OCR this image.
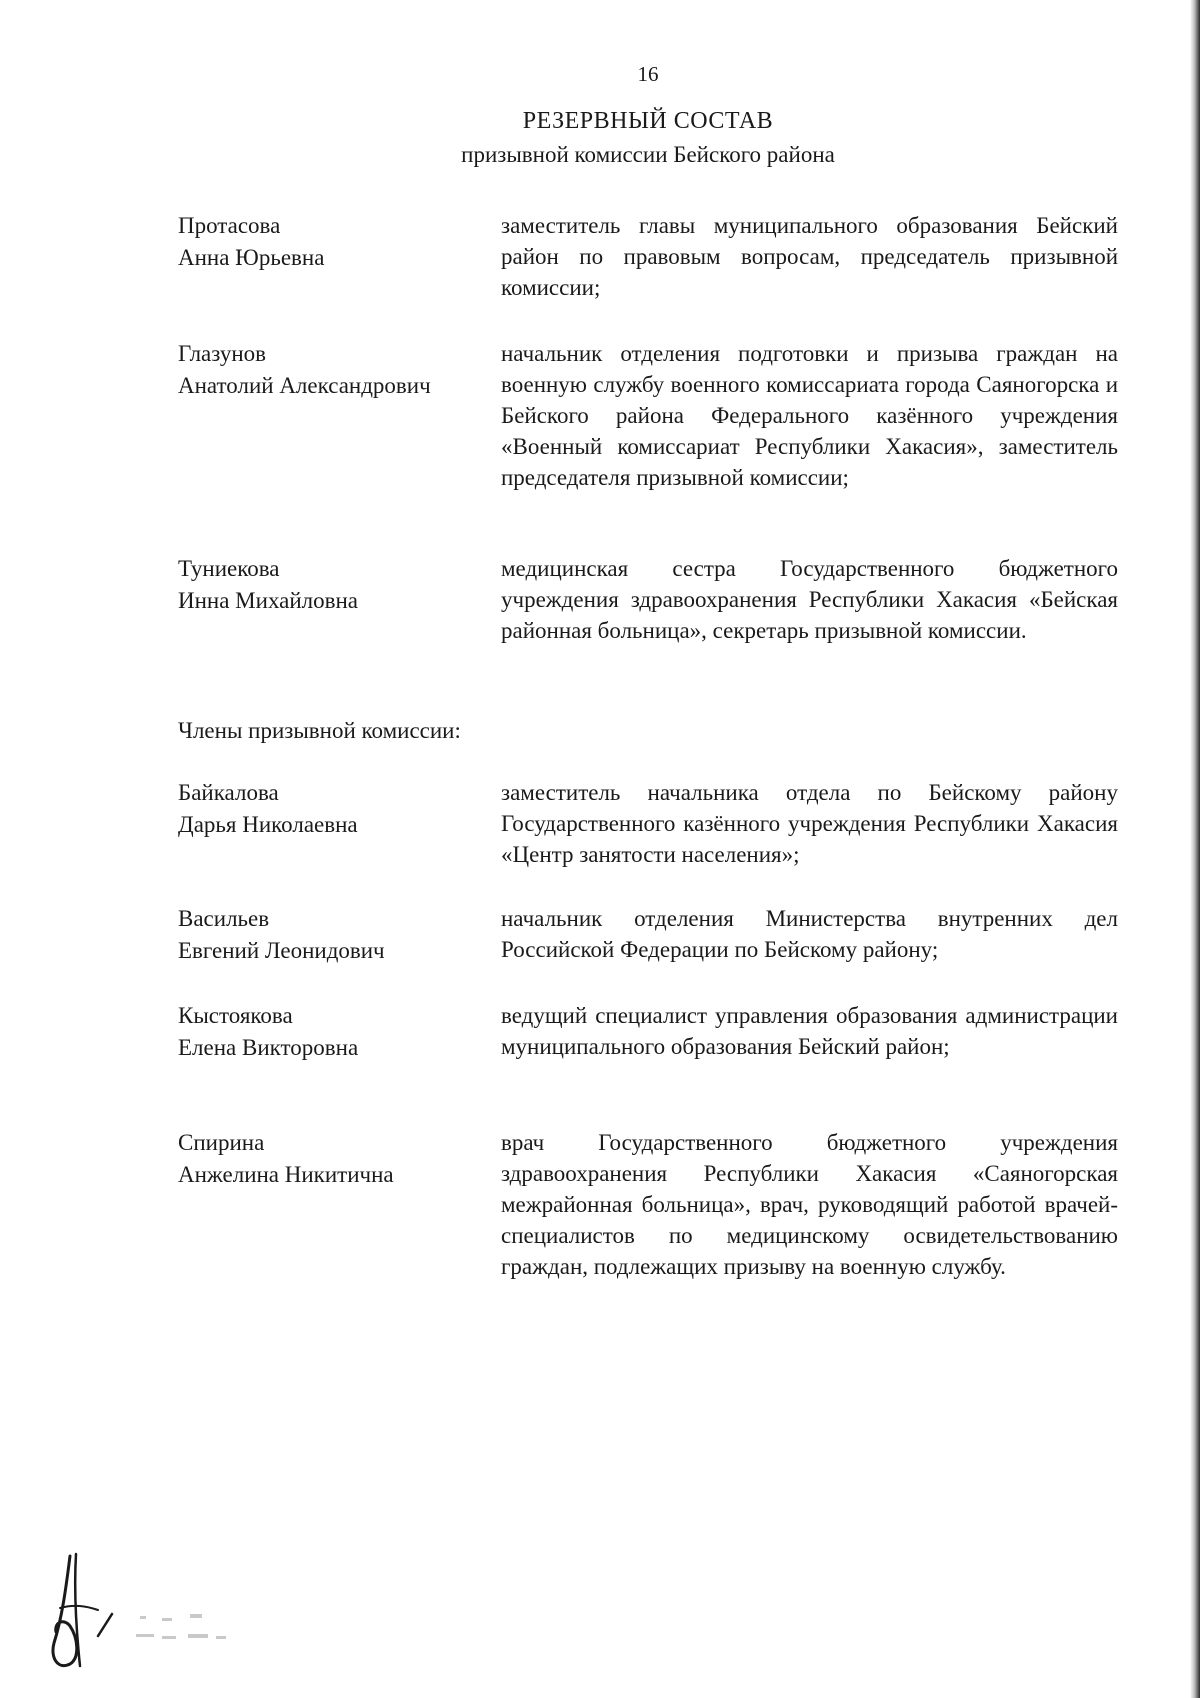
16
РЕЗЕРВНЫЙ СОСТАВ
призывной комиссии Бейского района
Протасова
Анна Юрьевна
заместитель главы муниципального образования Бейский район по правовым вопросам, председатель призывной комиссии;
Глазунов
Анатолий Александрович
начальник отделения подготовки и призыва граждан на военную службу военного комиссариата города Саяногорска и Бейского района Федерального казённого учреждения «Военный комиссариат Республики Хакасия», заместитель председателя призывной комиссии;
Туниекова
Инна Михайловна
медицинская сестра Государственного бюджетного учреждения здравоохранения Республики Хакасия «Бейская районная больница», секретарь призывной комиссии.
Члены призывной комиссии:
Байкалова
Дарья Николаевна
заместитель начальника отдела по Бейскому району Государственного казённого учреждения Республики Хакасия «Центр занятости населения»;
Васильев
Евгений Леонидович
начальник отделения Министерства внутренних дел Российской Федерации по Бейскому району;
Кыстоякова
Елена Викторовна
ведущий специалист управления образования администрации муниципального образования Бейский район;
Спирина
Анжелина Никитична
врач Государственного бюджетного учреждения здравоохранения Республики Хакасия «Саяногорская межрайонная больница», врач, руководящий работой врачей-специалистов по медицинскому освидетельствованию граждан, подлежащих призыву на военную службу.
